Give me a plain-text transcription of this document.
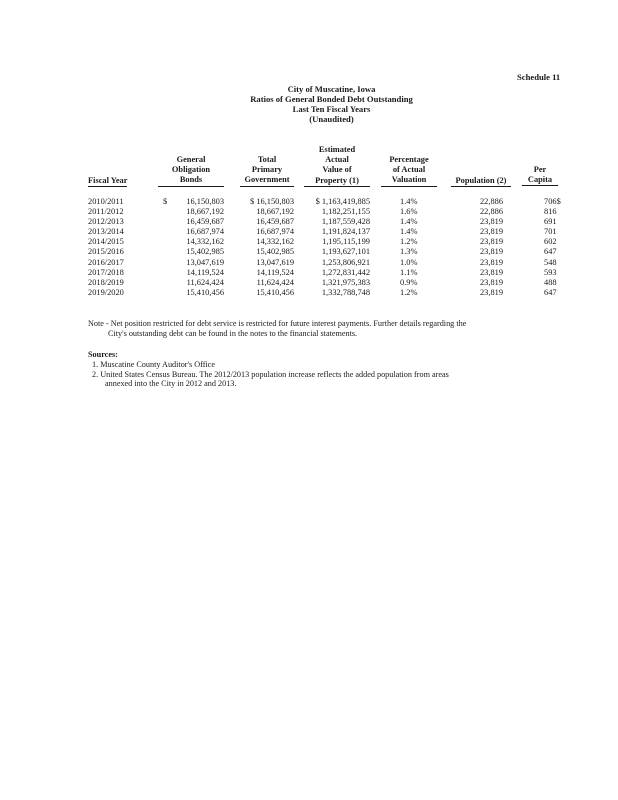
Schedule 11
City of Muscatine, Iowa
Ratios of General Bonded Debt Outstanding
Last Ten Fiscal Years
(Unaudited)
Fiscal Year
General
Obligation
Bonds
Total
Primary
Government
Estimated
Actual
Value of
Property (1)
Percentage
of Actual
Valuation	Population (2)
Per
Capita
2010/2011
2011/2012
2012/2013
2013/2014
2014/2015
2015/2016
2016/2017
2017/2018
2018/2019
2019/2020
$	16,150,803
18,667,192
16,459,687
16,687,974
14,332,162
15,402,985
13,047,619
14,119,524
11,624,424
15,410,456
$ 16,150,803
18,667,192
16,459,687
16,687,974
14,332,162
15,402,985
13,047,619
14,119,524
11,624,424
15,410,456
$ 1,163,419,885
1,182,251,155
1,187,559,428
1,191,824,137
1,195,115,199
1,193,627,101
1,253,806,921
1,272,831,442
1,321,975,383
1,332,788,748
1.4%
1.6%
1.4%
1.4%
1.2%
1.3%
1.0%
1.1%
0.9%
1.2%
22,886
22,886
23,819
23,819
23,819
23,819
23,819
23,819
23,819
23,819
706$
816
691
701
602
647
548
593
488
647
Note - Net position restricted for debt service is restricted for future interest payments. Further details regarding the
City's outstanding debt can be found in the notes to the financial statements.
Sources:
1. Muscatine County Auditor's Office
2. United States Census Bureau. The 2012/2013 population increase reflects the added population from areas
annexed into the City in 2012 and 2013.
